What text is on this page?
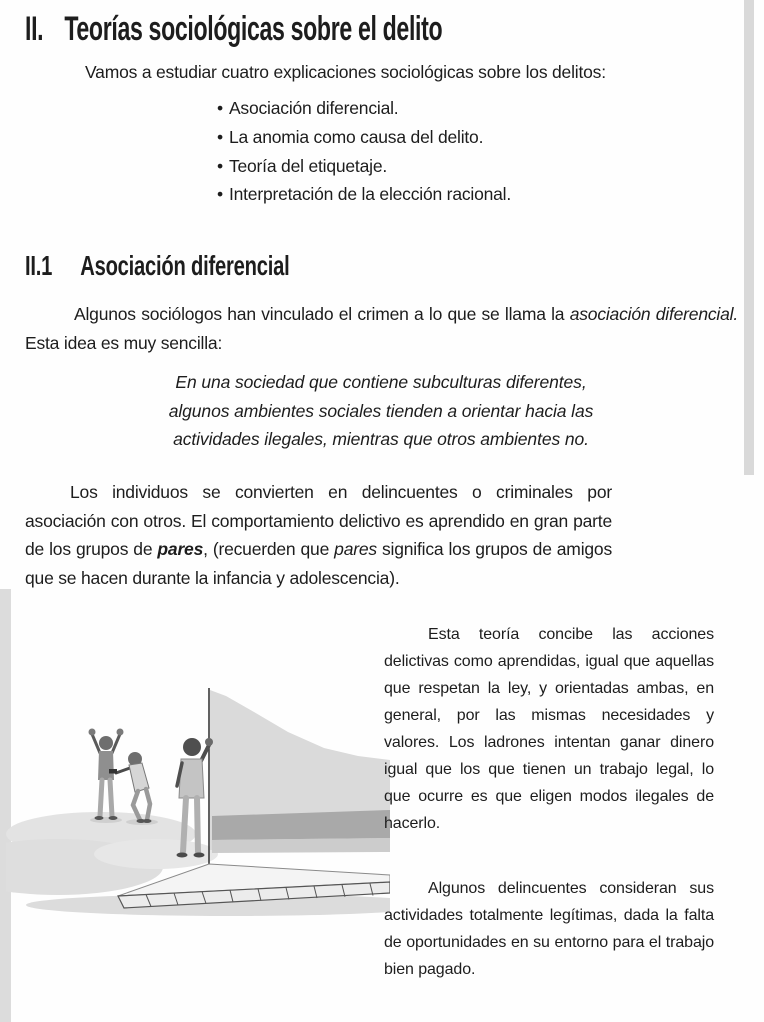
II. Teorías sociológicas sobre el delito
Vamos a estudiar cuatro explicaciones sociológicas sobre los delitos:
• Asociación diferencial.
• La anomia como causa del delito.
• Teoría del etiquetaje.
• Interpretación de la elección racional.
II.1 Asociación diferencial

Algunos sociólogos han vinculado el crimen a lo que se llama la asociación diferencial. Esta idea es muy sencilla:

En una sociedad que contiene subculturas diferentes,
algunos ambientes sociales tienden a orientar hacia las
actividades ilegales, mientras que otros ambientes no.

Los individuos se convierten en delincuentes o criminales por asociación con otros. El comportamiento delictivo es aprendido en gran parte de los grupos de pares, (recuerden que pares significa los grupos de amigos que se hacen durante la infancia y adolescencia).

Esta teoría concibe las acciones delictivas como aprendidas, igual que aquellas que respetan la ley, y orientadas ambas, en general, por las mismas necesidades y valores. Los ladrones intentan ganar dinero igual que los que tienen un trabajo legal, lo que ocurre es que eligen modos ilegales de hacerlo.

Algunos delincuentes consideran sus actividades totalmente legítimas, dada la falta de oportunidades en su entorno para el trabajo bien pagado.
